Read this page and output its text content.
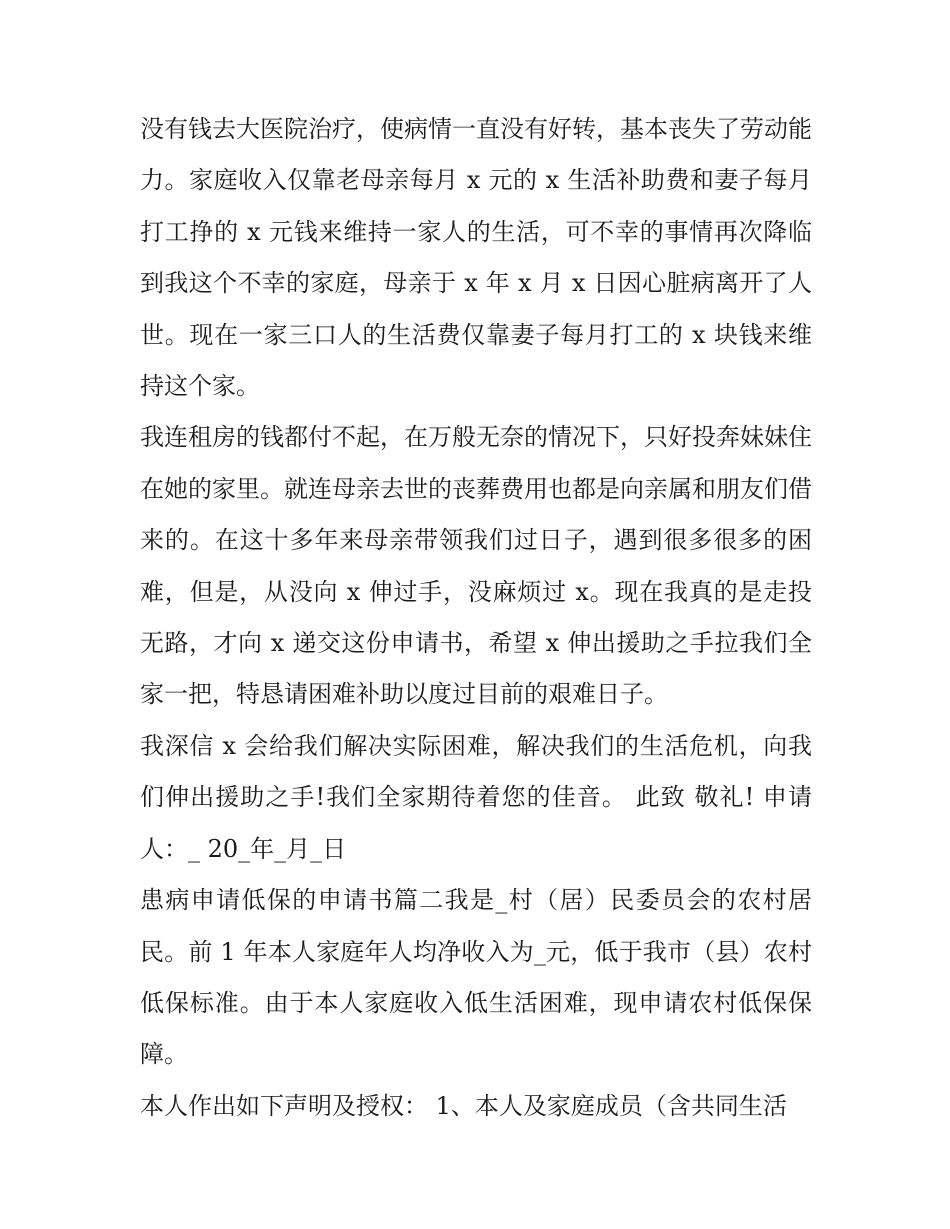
没有钱去大医院治疗，使病情一直没有好转，基本丧失了劳动能力。家庭收入仅靠老母亲每月 x 元的 x 生活补助费和妻子每月打工挣的 x 元钱来维持一家人的生活，可不幸的事情再次降临到我这个不幸的家庭，母亲于 x 年 x 月 x 日因心脏病离开了人世。现在一家三口人的生活费仅靠妻子每月打工的 x 块钱来维持这个家。

我连租房的钱都付不起，在万般无奈的情况下，只好投奔妹妹住在她的家里。就连母亲去世的丧葬费用也都是向亲属和朋友们借来的。在这十多年来母亲带领我们过日子，遇到很多很多的困难，但是，从没向 x 伸过手，没麻烦过 x。现在我真的是走投无路，才向 x 递交这份申请书，希望 x 伸出援助之手拉我们全家一把，特恳请困难补助以度过目前的艰难日子。

我深信 x 会给我们解决实际困难，解决我们的生活危机，向我们伸出援助之手!我们全家期待着您的佳音。 此致 敬礼! 申请人：_ 20_年_月_日

患病申请低保的申请书篇二我是_村（居）民委员会的农村居民。前 1 年本人家庭年人均净收入为_元，低于我市（县）农村低保标准。由于本人家庭收入低生活困难，现申请农村低保保障。

本人作出如下声明及授权： 1、本人及家庭成员（含共同生活
